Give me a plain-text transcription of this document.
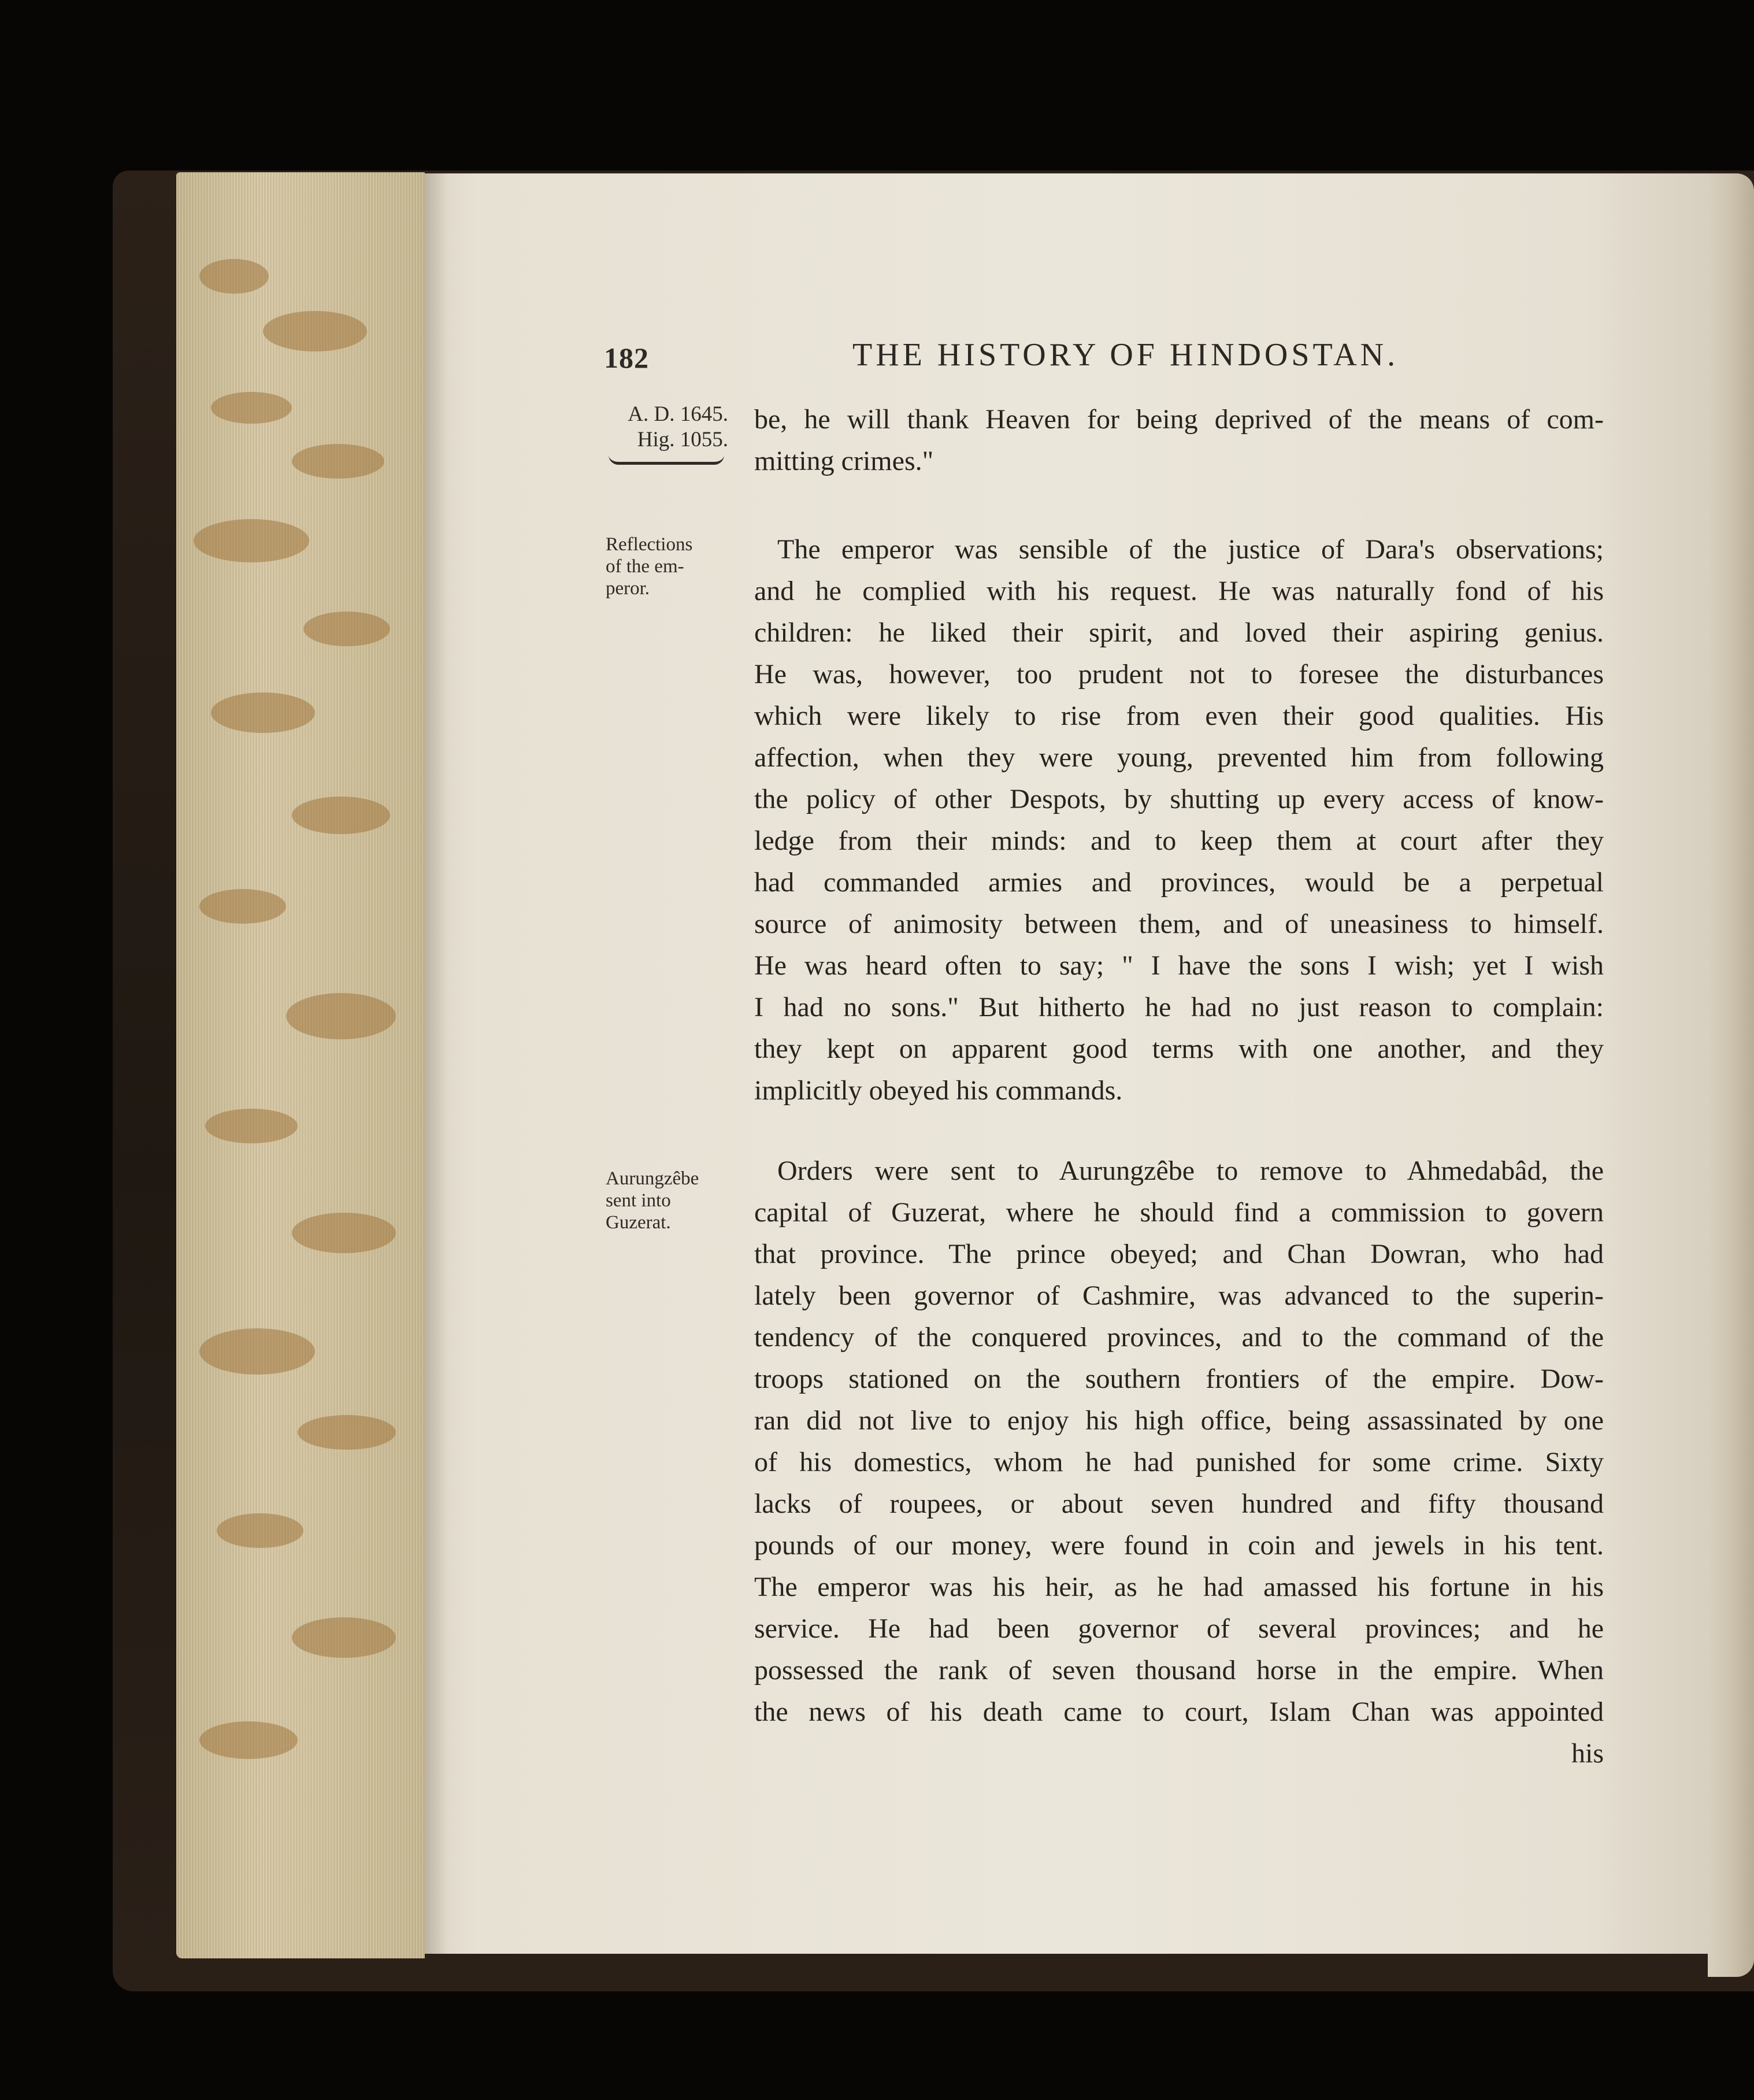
182	THE HISTORY OF HINDOSTAN.
A. D. 1645.
Hig. 1055.
Reflections
of the em-
peror.
Aurungzêbe
sent into
Guzerat.
be, he will thank Heaven for being deprived of the means of com-
mitting crimes."
The emperor was sensible of the justice of Dara's observations;
and he complied with his request. He was naturally fond of his
children: he liked their spirit, and loved their aspiring genius.
He was, however, too prudent not to foresee the disturbances
which were likely to rise from even their good qualities. His
affection, when they were young, prevented him from following
the policy of other Despots, by shutting up every access of know-
ledge from their minds: and to keep them at court after they
had commanded armies and provinces, would be a perpetual
source of animosity between them, and of uneasiness to himself.
He was heard often to say; " I have the sons I wish; yet I wish
I had no sons." But hitherto he had no just reason to complain:
they kept on apparent good terms with one another, and they
implicitly obeyed his commands.
Orders were sent to Aurungzêbe to remove to Ahmedabâd, the
capital of Guzerat, where he should find a commission to govern
that province. The prince obeyed; and Chan Dowran, who had
lately been governor of Cashmire, was advanced to the superin-
tendency of the conquered provinces, and to the command of the
troops stationed on the southern frontiers of the empire. Dow-
ran did not live to enjoy his high office, being assassinated by one
of his domestics, whom he had punished for some crime. Sixty
lacks of roupees, or about seven hundred and fifty thousand
pounds of our money, were found in coin and jewels in his tent.
The emperor was his heir, as he had amassed his fortune in his
service. He had been governor of several provinces; and he
possessed the rank of seven thousand horse in the empire. When
the news of his death came to court, Islam Chan was appointed
his
